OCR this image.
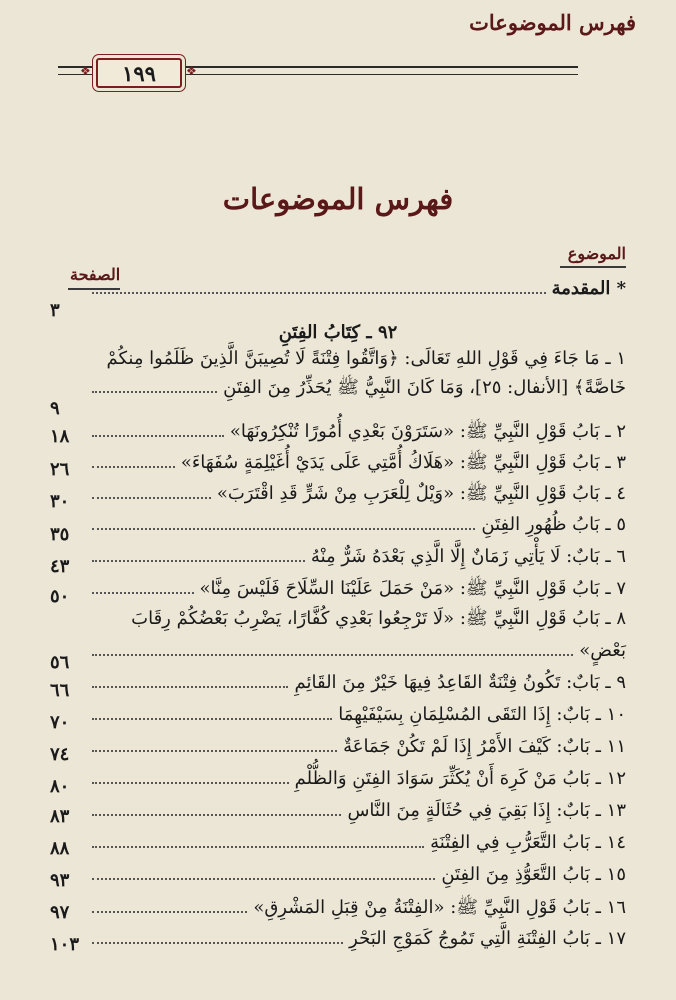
فهرس الموضوعات
❖	١٩٩	❖
فهرس الموضوعات
الموضوع
الصفحة
* المقدمة
٣
٩٢ ـ كِتَابُ الفِتَنِ
١ ـ مَا جَاءَ فِي قَوْلِ اللهِ تَعَالَى: ﴿وَاتَّقُوا فِتْنَةً لَا تُصِيبَنَّ الَّذِينَ ظَلَمُوا مِنكُمْ
خَاصَّةً﴾ [الأنفال: ٢٥]، وَمَا كَانَ النَّبِيُّ ﷺ يُحَذِّرُ مِنَ الفِتَنِ
٩
٢ ـ بَابُ قَوْلِ النَّبِيِّ ﷺ: «سَتَرَوْنَ بَعْدِي أُمُورًا تُنْكِرُونَهَا»
١٨
٣ ـ بَابُ قَوْلِ النَّبِيِّ ﷺ: «هَلَاكُ أُمَّتِي عَلَى يَدَيْ أُغَيْلِمَةٍ سُفَهَاءَ»
٢٦
٤ ـ بَابُ قَوْلِ النَّبِيِّ ﷺ: «وَيْلٌ لِلْعَرَبِ مِنْ شَرٍّ قَدِ اقْتَرَبَ»
٣٠
٥ ـ بَابُ ظُهُورِ الفِتَنِ
٣٥
٦ ـ بَابٌ: لَا يَأْتِي زَمَانٌ إِلَّا الَّذِي بَعْدَهُ شَرٌّ مِنْهُ
٤٣
٧ ـ بَابُ قَوْلِ النَّبِيِّ ﷺ: «مَنْ حَمَلَ عَلَيْنَا السِّلَاحَ فَلَيْسَ مِنَّا»
٥٠
٨ ـ بَابُ قَوْلِ النَّبِيِّ ﷺ: «لَا تَرْجِعُوا بَعْدِي كُفَّارًا، يَضْرِبُ بَعْضُكُمْ رِقَابَ
بَعْضٍ»
٥٦
٩ ـ بَابٌ: تَكُونُ فِتْنَةٌ القَاعِدُ فِيهَا خَيْرٌ مِنَ القَائِمِ
٦٦
١٠ ـ بَابٌ: إِذَا التَقَى المُسْلِمَانِ بِسَيْفَيْهِمَا
٧٠
١١ ـ بَابٌ: كَيْفَ الأَمْرُ إِذَا لَمْ تَكُنْ جَمَاعَةٌ
٧٤
١٢ ـ بَابُ مَنْ كَرِهَ أَنْ يُكَثِّرَ سَوَادَ الفِتَنِ وَالظُّلْمِ
٨٠
١٣ ـ بَابٌ: إِذَا بَقِيَ فِي حُثَالَةٍ مِنَ النَّاسِ
٨٣
١٤ ـ بَابُ التَّعَرُّبِ فِي الفِتْنَةِ
٨٨
١٥ ـ بَابُ التَّعَوُّذِ مِنَ الفِتَنِ
٩٣
١٦ ـ بَابُ قَوْلِ النَّبِيِّ ﷺ: «الفِتْنَةُ مِنْ قِبَلِ المَشْرِقِ»
٩٧
١٧ ـ بَابُ الفِتْنَةِ الَّتِي تَمُوجُ كَمَوْجِ البَحْرِ
١٠٣
